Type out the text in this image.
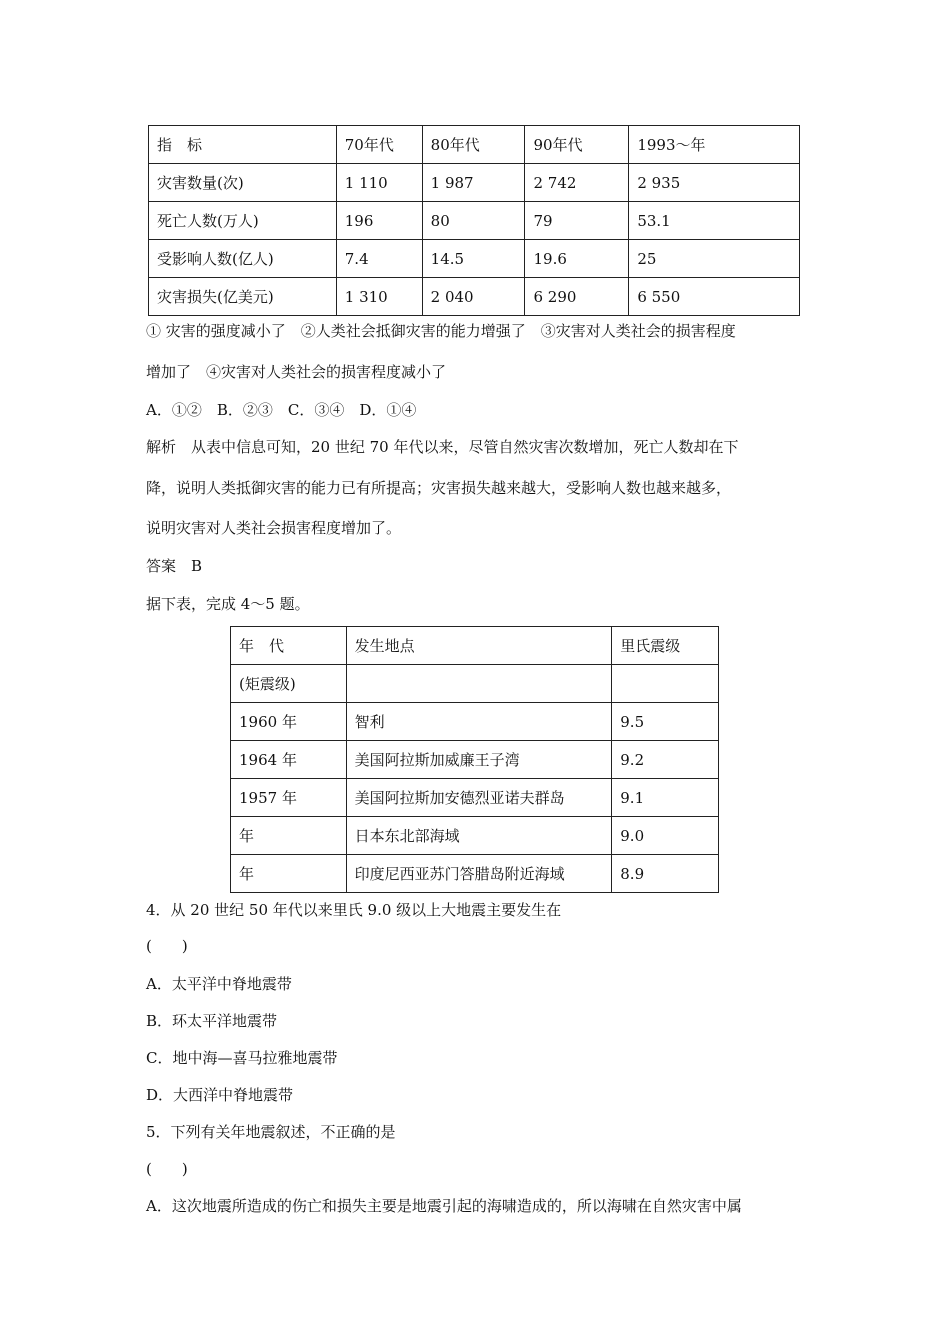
指　标	70年代	80年代	90年代	1993～年
灾害数量(次)	1 110	1 987	2 742	2 935
死亡人数(万人)	196	80	79	53.1
受影响人数(亿人)	7.4	14.5	19.6	25
灾害损失(亿美元)	1 310	2 040	6 290	6 550
① 灾害的强度减小了　②人类社会抵御灾害的能力增强了　③灾害对人类社会的损害程度
增加了　④灾害对人类社会的损害程度减小了
A．①②　B．②③　C．③④　D．①④
解析　从表中信息可知，20 世纪 70 年代以来，尽管自然灾害次数增加，死亡人数却在下
降，说明人类抵御灾害的能力已有所提高；灾害损失越来越大，受影响人数也越来越多，
说明灾害对人类社会损害程度增加了。
答案　B
据下表，完成 4～5 题。
年　代	发生地点	里氏震级
(矩震级)		
1960 年	智利	9.5
1964 年	美国阿拉斯加威廉王子湾	9.2
1957 年	美国阿拉斯加安德烈亚诺夫群岛	9.1
年	日本东北部海域	9.0
年	印度尼西亚苏门答腊岛附近海域	8.9
4．从 20 世纪 50 年代以来里氏 9.0 级以上大地震主要发生在
(　　)
A．太平洋中脊地震带
B．环太平洋地震带
C．地中海—喜马拉雅地震带
D．大西洋中脊地震带
5．下列有关年地震叙述，不正确的是
(　　)
A．这次地震所造成的伤亡和损失主要是地震引起的海啸造成的，所以海啸在自然灾害中属
